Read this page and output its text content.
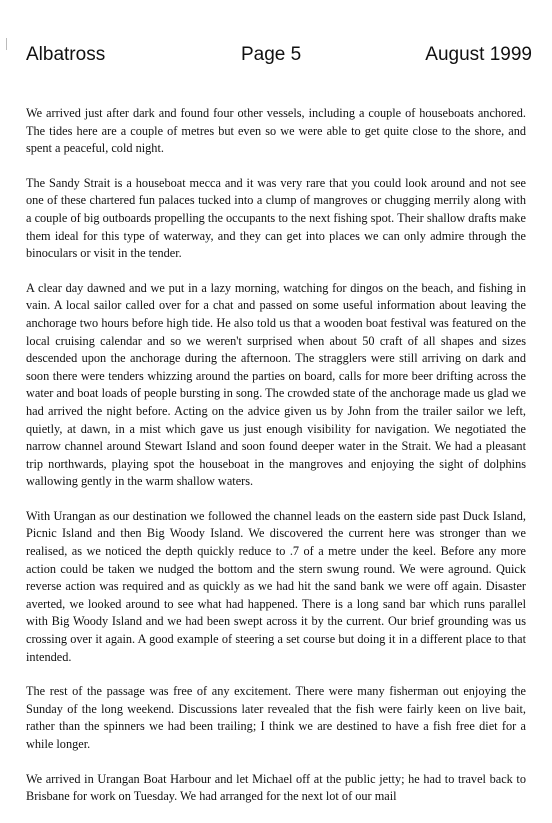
Albatross	Page 5	August 1999

We arrived just after dark and found four other vessels, including a couple of houseboats anchored. The tides here are a couple of metres but even so we were able to get quite close to the shore, and spent a peaceful, cold night.

The Sandy Strait is a houseboat mecca and it was very rare that you could look around and not see one of these chartered fun palaces tucked into a clump of mangroves or chugging merrily along with a couple of big outboards propelling the occupants to the next fishing spot. Their shallow drafts make them ideal for this type of waterway, and they can get into places we can only admire through the binoculars or visit in the tender.

A clear day dawned and we put in a lazy morning, watching for dingos on the beach, and fishing in vain. A local sailor called over for a chat and passed on some useful information about leaving the anchorage two hours before high tide. He also told us that a wooden boat festival was featured on the local cruising calendar and so we weren't surprised when about 50 craft of all shapes and sizes descended upon the anchorage during the afternoon. The stragglers were still arriving on dark and soon there were tenders whizzing around the parties on board, calls for more beer drifting across the water and boat loads of people bursting in song. The crowded state of the anchorage made us glad we had arrived the night before. Acting on the advice given us by John from the trailer sailor we left, quietly, at dawn, in a mist which gave us just enough visibility for navigation. We negotiated the narrow channel around Stewart Island and soon found deeper water in the Strait. We had a pleasant trip northwards, playing spot the houseboat in the mangroves and enjoying the sight of dolphins wallowing gently in the warm shallow waters.

With Urangan as our destination we followed the channel leads on the eastern side past Duck Island, Picnic Island and then Big Woody Island. We discovered the current here was stronger than we realised, as we noticed the depth quickly reduce to .7 of a metre under the keel. Before any more action could be taken we nudged the bottom and the stern swung round. We were aground. Quick reverse action was required and as quickly as we had hit the sand bank we were off again. Disaster averted, we looked around to see what had happened. There is a long sand bar which runs parallel with Big Woody Island and we had been swept across it by the current. Our brief grounding was us crossing over it again. A good example of steering a set course but doing it in a different place to that intended.

The rest of the passage was free of any excitement. There were many fisherman out enjoying the Sunday of the long weekend. Discussions later revealed that the fish were fairly keen on live bait, rather than the spinners we had been trailing; I think we are destined to have a fish free diet for a while longer.

We arrived in Urangan Boat Harbour and let Michael off at the public jetty; he had to travel back to Brisbane for work on Tuesday. We had arranged for the next lot of our mail
